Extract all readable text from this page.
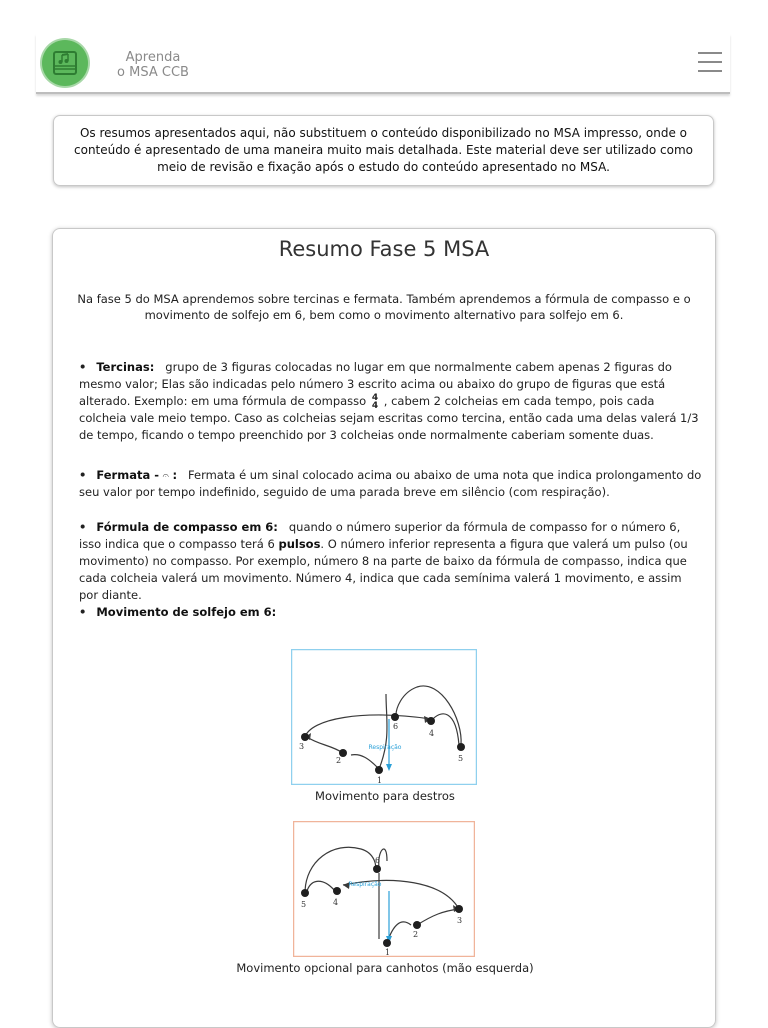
Aprenda
o MSA CCB
Os resumos apresentados aqui, não substituem o conteúdo disponibilizado no MSA impresso, onde o conteúdo é apresentado de uma maneira muito mais detalhada. Este material deve ser utilizado como meio de revisão e fixação após o estudo do conteúdo apresentado no MSA.
Resumo Fase 5 MSA
Na fase 5 do MSA aprendemos sobre tercinas e fermata. Também aprendemos a fórmula de compasso e o movimento de solfejo em 6, bem como o movimento alternativo para solfejo em 6.
• Tercinas: grupo de 3 figuras colocadas no lugar em que normalmente cabem apenas 2 figuras do mesmo valor; Elas são indicadas pelo número 3 escrito acima ou abaixo do grupo de figuras que está alterado. Exemplo: em uma fórmula de compasso 4
4 , cabem 2 colcheias em cada tempo, pois cada colcheia vale meio tempo. Caso as colcheias sejam escritas como tercina, então cada uma delas valerá 1/3 de tempo, ficando o tempo preenchido por 3 colcheias onde normalmente caberiam somente duas.
• Fermata - 𝄐 : Fermata é um sinal colocado acima ou abaixo de uma nota que indica prolongamento do seu valor por tempo indefinido, seguido de uma parada breve em silêncio (com respiração).
• Fórmula de compasso em 6: quando o número superior da fórmula de compasso for o número 6, isso indica que o compasso terá 6 pulsos. O número inferior representa a figura que valerá um pulso (ou movimento) no compasso. Por exemplo, número 8 na parte de baixo da fórmula de compasso, indica que cada colcheia valerá um movimento. Número 4, indica que cada semínima valerá 1 movimento, e assim por diante.
• Movimento de solfejo em 6:
Respiração
1
2
3
4
5
6
Movimento para destros
Respiração
1
2
3
4
5
6
Movimento opcional para canhotos (mão esquerda)
